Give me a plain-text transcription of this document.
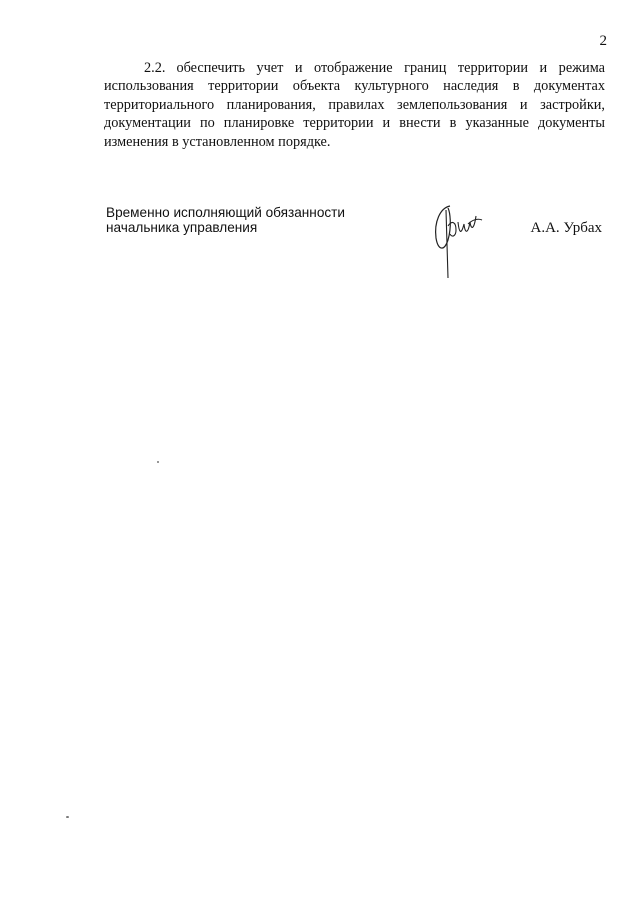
2
2.2. обеспечить учет и отображение границ территории и режима
использования территории объекта культурного наследия в документах
территориального планирования, правилах землепользования и застройки,
документации по планировке территории и внести в указанные документы
изменения в установленном порядке.
Временно исполняющий обязанности
начальника управления	А.А. Урбах
